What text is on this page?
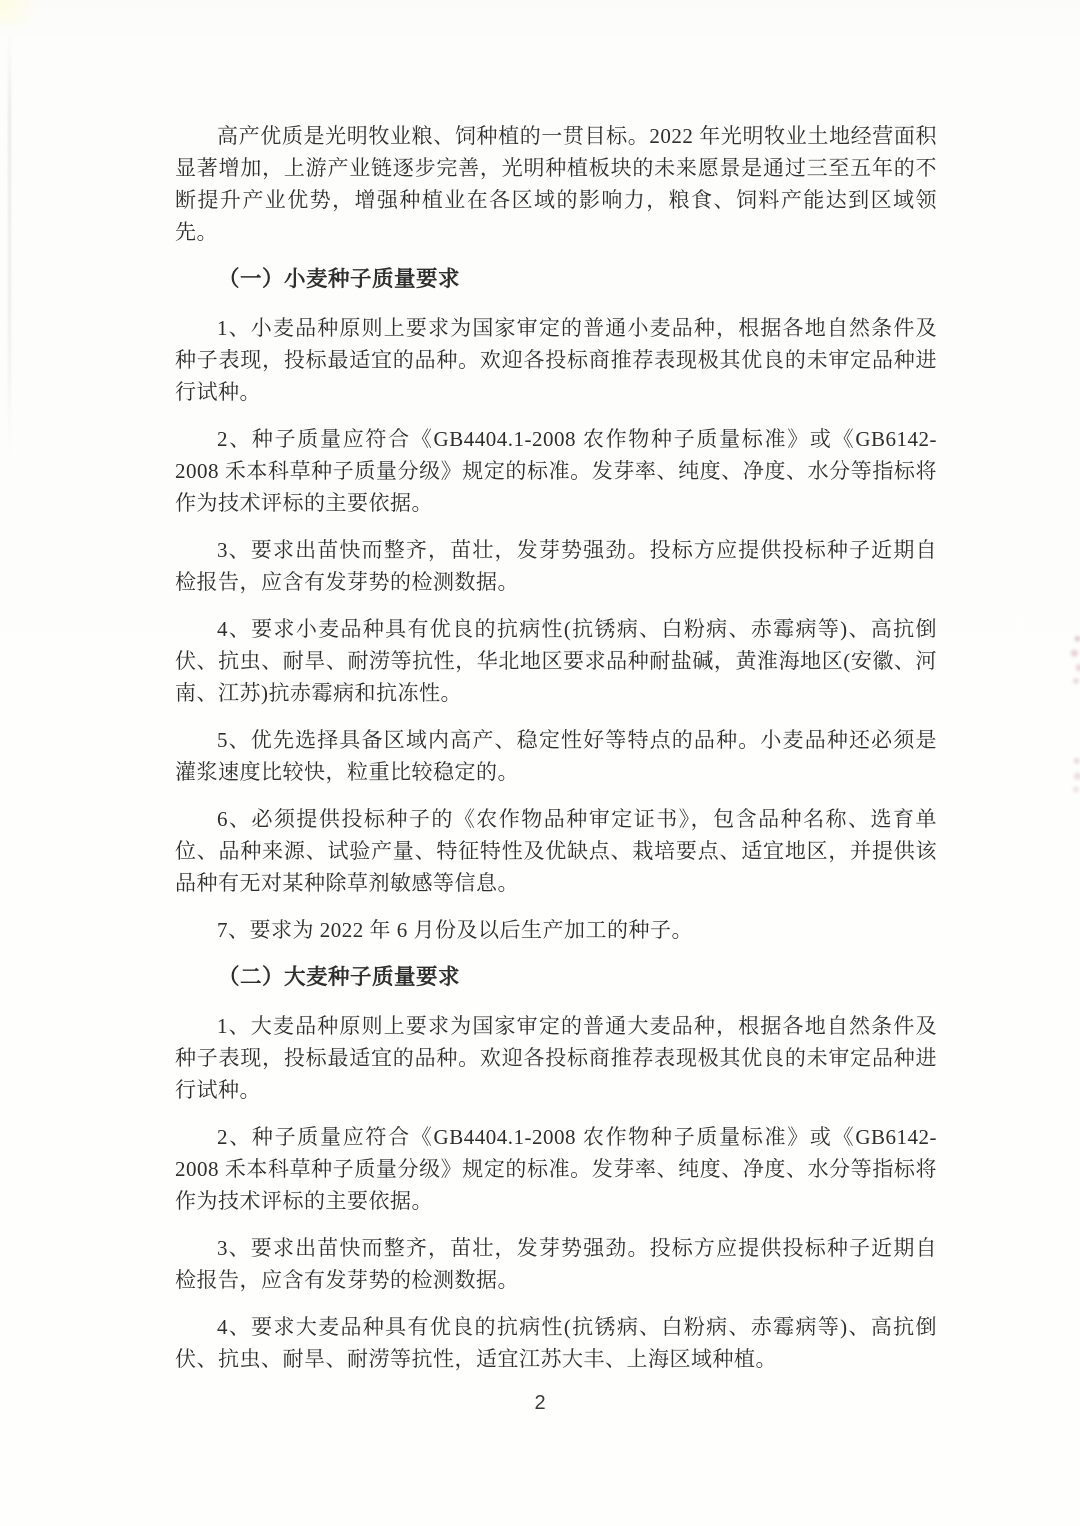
高产优质是光明牧业粮、饲种植的一贯目标。2022 年光明牧业土地经营面积显著增加，上游产业链逐步完善，光明种植板块的未来愿景是通过三至五年的不断提升产业优势，增强种植业在各区域的影响力，粮食、饲料产能达到区域领先。

（一）小麦种子质量要求

1、小麦品种原则上要求为国家审定的普通小麦品种，根据各地自然条件及种子表现，投标最适宜的品种。欢迎各投标商推荐表现极其优良的未审定品种进行试种。

2、种子质量应符合《GB4404.1-2008 农作物种子质量标准》或《GB6142-2008 禾本科草种子质量分级》规定的标准。发芽率、纯度、净度、水分等指标将作为技术评标的主要依据。

3、要求出苗快而整齐，苗壮，发芽势强劲。投标方应提供投标种子近期自检报告，应含有发芽势的检测数据。

4、要求小麦品种具有优良的抗病性(抗锈病、白粉病、赤霉病等)、高抗倒伏、抗虫、耐旱、耐涝等抗性，华北地区要求品种耐盐碱，黄淮海地区(安徽、河南、江苏)抗赤霉病和抗冻性。

5、优先选择具备区域内高产、稳定性好等特点的品种。小麦品种还必须是灌浆速度比较快，粒重比较稳定的。

6、必须提供投标种子的《农作物品种审定证书》，包含品种名称、选育单位、品种来源、试验产量、特征特性及优缺点、栽培要点、适宜地区，并提供该品种有无对某种除草剂敏感等信息。

7、要求为 2022 年 6 月份及以后生产加工的种子。

（二）大麦种子质量要求

1、大麦品种原则上要求为国家审定的普通大麦品种，根据各地自然条件及种子表现，投标最适宜的品种。欢迎各投标商推荐表现极其优良的未审定品种进行试种。

2、种子质量应符合《GB4404.1-2008 农作物种子质量标准》或《GB6142-2008 禾本科草种子质量分级》规定的标准。发芽率、纯度、净度、水分等指标将作为技术评标的主要依据。

3、要求出苗快而整齐，苗壮，发芽势强劲。投标方应提供投标种子近期自检报告，应含有发芽势的检测数据。

4、要求大麦品种具有优良的抗病性(抗锈病、白粉病、赤霉病等)、高抗倒伏、抗虫、耐旱、耐涝等抗性，适宜江苏大丰、上海区域种植。

2
